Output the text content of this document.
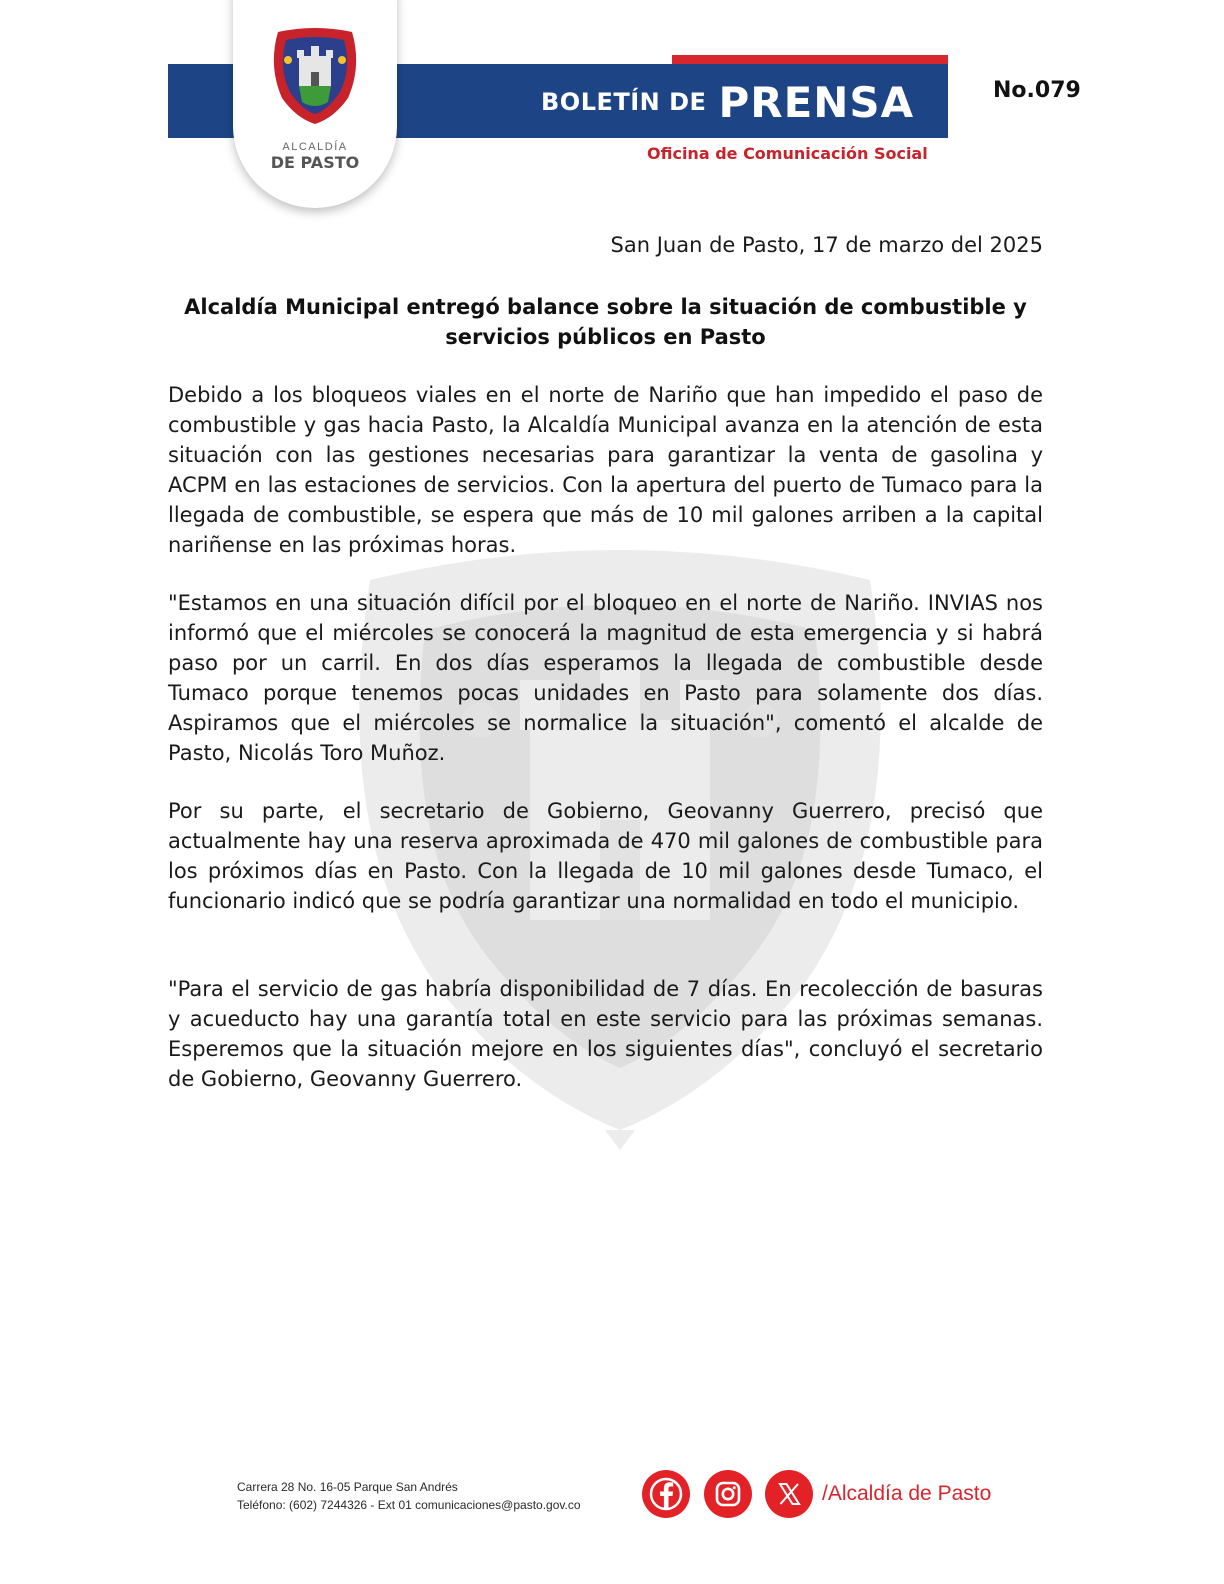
BOLETÍN DE PRENSA
Oficina de Comunicación Social
No.079
ALCALDÍA
DE PASTO
San Juan de Pasto, 17 de marzo del 2025
Alcaldía Municipal entregó balance sobre la situación de combustible y
servicios públicos en Pasto

Debido a los bloqueos viales en el norte de Nariño que han impedido el paso de combustible y gas hacia Pasto, la Alcaldía Municipal avanza en la atención de esta situación con las gestiones necesarias para garantizar la venta de gasolina y ACPM en las estaciones de servicios. Con la apertura del puerto de Tumaco para la llegada de combustible, se espera que más de 10 mil galones arriben a la capital nariñense en las próximas horas.

"Estamos en una situación difícil por el bloqueo en el norte de Nariño. INVIAS nos informó que el miércoles se conocerá la magnitud de esta emergencia y si habrá paso por un carril. En dos días esperamos la llegada de combustible desde Tumaco porque tenemos pocas unidades en Pasto para solamente dos días. Aspiramos que el miércoles se normalice la situación", comentó el alcalde de Pasto, Nicolás Toro Muñoz.

Por su parte, el secretario de Gobierno, Geovanny Guerrero, precisó que actualmente hay una reserva aproximada de 470 mil galones de combustible para los próximos días en Pasto. Con la llegada de 10 mil galones desde Tumaco, el funcionario indicó que se podría garantizar una normalidad en todo el municipio.

"Para el servicio de gas habría disponibilidad de 7 días. En recolección de basuras y acueducto hay una garantía total en este servicio para las próximas semanas. Esperemos que la situación mejore en los siguientes días", concluyó el secretario de Gobierno, Geovanny Guerrero.

Carrera 28 No. 16-05 Parque San Andrés
Teléfono: (602) 7244326 - Ext 01 comunicaciones@pasto.gov.co	/Alcaldía de Pasto
